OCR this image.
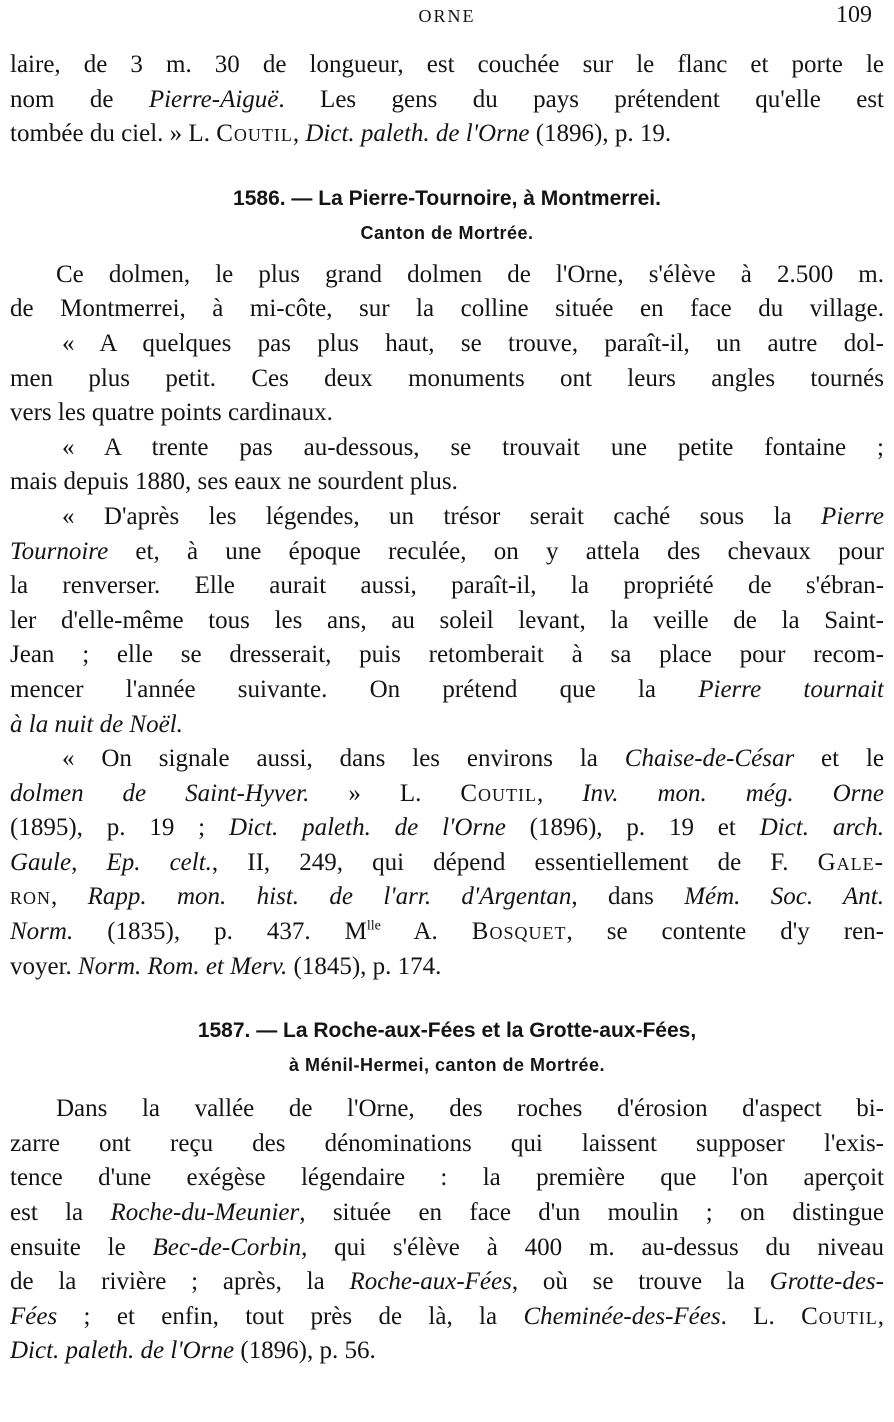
ORNE	109
laire, de 3 m. 30 de longueur, est couchée sur le flanc et porte le
nom de Pierre-Aiguë. Les gens du pays prétendent qu'elle est
tombée du ciel. » L. Coutil, Dict. paleth. de l'Orne (1896), p. 19.
1586. — La Pierre-Tournoire, à Montmerrei.
Canton de Mortrée.
Ce dolmen, le plus grand dolmen de l'Orne, s'élève à 2.500 m.
de Montmerrei, à mi-côte, sur la colline située en face du village.
« A quelques pas plus haut, se trouve, paraît-il, un autre dol-
men plus petit. Ces deux monuments ont leurs angles tournés
vers les quatre points cardinaux.
« A trente pas au-dessous, se trouvait une petite fontaine ;
mais depuis 1880, ses eaux ne sourdent plus.
« D'après les légendes, un trésor serait caché sous la Pierre
Tournoire et, à une époque reculée, on y attela des chevaux pour
la renverser. Elle aurait aussi, paraît-il, la propriété de s'ébran-
ler d'elle-même tous les ans, au soleil levant, la veille de la Saint-
Jean ; elle se dresserait, puis retomberait à sa place pour recom-
mencer l'année suivante. On prétend que la Pierre tournait
à la nuit de Noël.
« On signale aussi, dans les environs la Chaise-de-César et le
dolmen de Saint-Hyver. » L. Coutil, Inv. mon. még. Orne
(1895), p. 19 ; Dict. paleth. de l'Orne (1896), p. 19 et Dict. arch.
Gaule, Ep. celt., II, 249, qui dépend essentiellement de F. Gale-
ron, Rapp. mon. hist. de l'arr. d'Argentan, dans Mém. Soc. Ant.
Norm. (1835), p. 437. $M^{lle}$ A. Bosquet, se contente d'y ren-
voyer. Norm. Rom. et Merv. (1845), p. 174.
1587. — La Roche-aux-Fées et la Grotte-aux-Fées,
à Ménil-Hermei, canton de Mortrée.
Dans la vallée de l'Orne, des roches d'érosion d'aspect bi-
zarre ont reçu des dénominations qui laissent supposer l'exis-
tence d'une exégèse légendaire : la première que l'on aperçoit
est la Roche-du-Meunier, située en face d'un moulin ; on distingue
ensuite le Bec-de-Corbin, qui s'élève à 400 m. au-dessus du niveau
de la rivière ; après, la Roche-aux-Fées, où se trouve la Grotte-des-
Fées ; et enfin, tout près de là, la Cheminée-des-Fées. L. Coutil,
Dict. paleth. de l'Orne (1896), p. 56.
